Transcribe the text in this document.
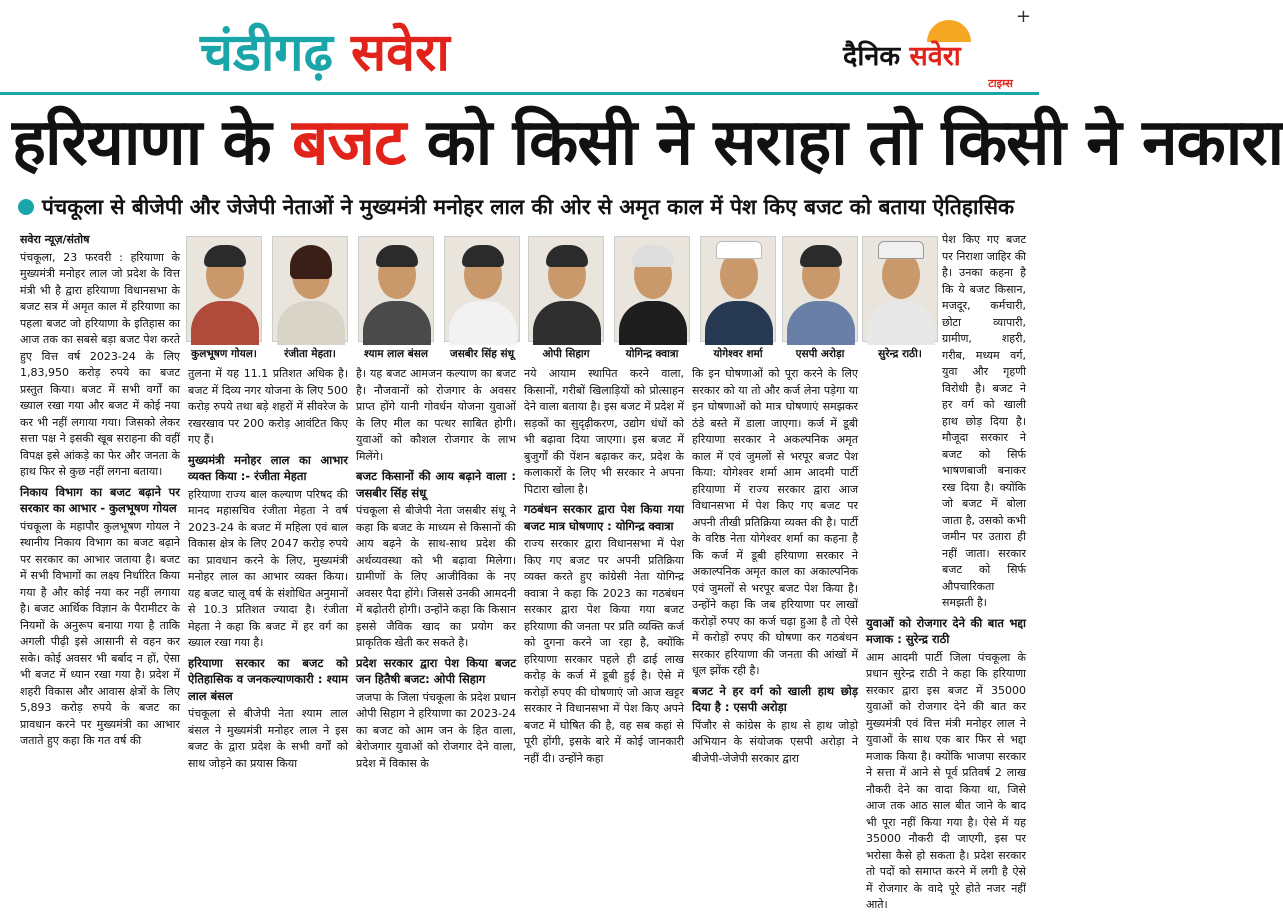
+
चंडीगढ़ सवेरा	दैनिक सवेरा
टाइम्स
हरियाणा के बजट को किसी ने सराहा तो किसी ने नकारा
पंचकूला से बीजेपी और जेजेपी नेताओं ने मुख्यमंत्री मनोहर लाल की ओर से अमृत काल में पेश किए बजट को बताया ऐतिहासिक
कुलभूषण गोयल।	रंजीता मेहता।	श्याम लाल बंसल	जसबीर सिंह संधू	ओपी सिहाग	योगिन्द्र क्वात्रा	योगेश्वर शर्मा	एसपी अरोड़ा	सुरेन्द्र राठी।

सवेरा न्यूज़/संतोष

पंचकूला, 23 फरवरी : हरियाणा के मुख्यमंत्री मनोहर लाल जो प्रदेश के वित्त मंत्री भी है द्वारा हरियाणा विधानसभा के बजट सत्र में अमृत काल में हरियाणा का पहला बजट जो हरियाणा के इतिहास का आज तक का सबसे बड़ा बजट पेश करते हुए वित्त वर्ष 2023-24 के लिए 1,83,950 करोड़ रुपये का बजट प्रस्तुत किया। बजट में सभी वर्गों का ख्याल रखा गया और बजट में कोई नया कर भी नहीं लगाया गया। जिसको लेकर सत्ता पक्ष ने इसकी खूब सराहना की वहीं विपक्ष इसे आंकड़े का फेर और जनता के हाथ फिर से कुछ नहीं लगना बताया।

निकाय विभाग का बजट बढ़ाने पर सरकार का आभार - कुलभूषण गोयल

पंचकूला के महापौर कुलभूषण गोयल ने स्थानीय निकाय विभाग का बजट बढ़ाने पर सरकार का आभार जताया है। बजट में सभी विभागों का लक्ष्य निर्धारित किया गया है और कोई नया कर नहीं लगाया है। बजट आर्थिक विज्ञान के पैरामीटर के नियमों के अनुरूप बनाया गया है ताकि अगली पीढ़ी इसे आसानी से वहन कर सके। कोई अवसर भी बर्बाद न हों, ऐसा भी बजट में ध्यान रखा गया है। प्रदेश में शहरी विकास और आवास क्षेत्रों के लिए 5,893 करोड़ रुपये के बजट का प्रावधान करने पर मुख्यमंत्री का आभार जताते हुए कहा कि गत वर्ष की

तुलना में यह 11.1 प्रतिशत अधिक है। बजट में दिव्य नगर योजना के लिए 500 करोड़ रुपये तथा बड़े शहरों में सीवरेज के रखरखाव पर 200 करोड़ आवंटित किए गए हैं।

मुख्यमंत्री मनोहर लाल का आभार व्यक्त किया :- रंजीता मेहता

हरियाणा राज्य बाल कल्याण परिषद की मानद महासचिव रंजीता मेहता ने वर्ष 2023-24 के बजट में महिला एवं बाल विकास क्षेत्र के लिए 2047 करोड़ रुपये का प्रावधान करने के लिए, मुख्यमंत्री मनोहर लाल का आभार व्यक्त किया। यह बजट चालू वर्ष के संशोधित अनुमानों से 10.3 प्रतिशत ज्यादा है। रंजीता मेहता ने कहा कि बजट में हर वर्ग का ख्याल रखा गया है।

हरियाणा सरकार का बजट को ऐतिहासिक व जनकल्याणकारी : श्याम लाल बंसल

पंचकूला से बीजेपी नेता श्याम लाल बंसल ने मुख्यमंत्री मनोहर लाल ने इस बजट के द्वारा प्रदेश के सभी वर्गों को साथ जोड़ने का प्रयास किया

है। यह बजट आमजन कल्याण का बजट है। नौजवानों को रोजगार के अवसर प्राप्त होंगे यानी गोवर्धन योजना युवाओं के लिए मील का पत्थर साबित होगी। युवाओं को कौशल रोजगार के लाभ मिलेंगे।

बजट किसानों की आय बढ़ाने वाला : जसबीर सिंह संधू

पंचकूला से बीजेपी नेता जसबीर संधू ने कहा कि बजट के माध्यम से किसानों की आय बढ़ने के साथ-साथ प्रदेश की अर्थव्यवस्था को भी बढ़ावा मिलेगा। ग्रामीणों के लिए आजीविका के नए अवसर पैदा होंगे। जिससे उनकी आमदनी में बढ़ोतरी होगी। उन्होंने कहा कि किसान इससे जैविक खाद का प्रयोग कर प्राकृतिक खेती कर सकते है।

प्रदेश सरकार द्वारा पेश किया बजट जन हितैषी बजट: ओपी सिहाग

जजपा के जिला पंचकूला के प्रदेश प्रधान ओपी सिहाग ने हरियाणा का 2023-24 का बजट को आम जन के हित वाला, बेरोजगार युवाओं को रोजगार देने वाला, प्रदेश में विकास के

नये आयाम स्थापित करने वाला, किसानों, गरीबों खिलाड़ियों को प्रोत्साहन देने वाला बताया है। इस बजट में प्रदेश में सड़कों का सुदृढ़ीकरण, उद्योग धंधों को भी बढ़ावा दिया जाएगा। इस बजट में बुजुर्गों की पेंशन बढ़ाकर कर, प्रदेश के कलाकारों के लिए भी सरकार ने अपना पिटारा खोला है।

गठबंधन सरकार द्वारा पेश किया गया बजट मात्र घोषणाए : योगिन्द्र क्वात्रा

राज्य सरकार द्वारा विधानसभा में पेश किए गए बजट पर अपनी प्रतिक्रिया व्यक्त करते हुए कांग्रेसी नेता योगिन्द्र क्वात्रा ने कहा कि 2023 का गठबंधन सरकार द्वारा पेश किया गया बजट हरियाणा की जनता पर प्रति व्यक्ति कर्ज को दुगना करने जा रहा है, क्योंकि हरियाणा सरकार पहले ही ढाई लाख करोड़ के कर्ज में डूबी हुई है। ऐसे में करोड़ों रुपए की घोषणाएं जो आज खट्टर सरकार ने विधानसभा में पेश किए अपने बजट में घोषित की है, वह सब कहां से पूरी होंगी, इसके बारे में कोई जानकारी नहीं दी। उन्होंने कहा

कि इन घोषणाओं को पूरा करने के लिए सरकार को या तो और कर्ज लेना पड़ेगा या इन घोषणाओं को मात्र घोषणाएं समझकर ठंडे बस्ते में डाला जाएगा। कर्ज में डूबी हरियाणा सरकार ने अकल्पनिक अमृत काल में एवं जुमलों से भरपूर बजट पेश किया: योगेश्वर शर्मा आम आदमी पार्टी हरियाणा में राज्य सरकार द्वारा आज विधानसभा में पेश किए गए बजट पर अपनी तीखी प्रतिक्रिया व्यक्त की है। पार्टी के वरिष्ठ नेता योगेश्वर शर्मा का कहना है कि कर्ज में डूबी हरियाणा सरकार ने अकाल्पनिक अमृत काल का अकाल्पनिक एवं जुमलों से भरपूर बजट पेश किया है। उन्होंने कहा कि जब हरियाणा पर लाखों करोड़ों रुपए का कर्ज चढ़ा हुआ है तो ऐसे में करोड़ों रुपए की घोषणा कर गठबंधन सरकार हरियाणा की जनता की आंखों में धूल झोंक रही है।

बजट ने हर वर्ग को खाली हाथ छोड़ दिया है : एसपी अरोड़ा

पिंजौर से कांग्रेस के हाथ से हाथ जोड़ो अभियान के संयोजक एसपी अरोड़ा ने बीजेपी-जेजेपी सरकार द्वारा

पेश किए गए बजट पर निराशा जाहिर की है। उनका कहना है कि ये बजट किसान, मजदूर, कर्मचारी, छोटा व्यापारी, ग्रामीण, शहरी, गरीब, मध्यम वर्ग, युवा और गृहणी विरोधी है। बजट ने हर वर्ग को खाली हाथ छोड़ दिया है। मौजूदा सरकार ने बजट को सिर्फ भाषणबाजी बनाकर रख दिया है। क्योंकि जो बजट में बोला जाता है, उसको कभी जमीन पर उतारा ही नहीं जाता। सरकार बजट को सिर्फ औपचारिकता समझती है।

युवाओं को रोजगार देने की बात भद्दा मजाक : सुरेन्द्र राठी

आम आदमी पार्टी जिला पंचकूला के प्रधान सुरेन्द्र राठी ने कहा कि हरियाणा सरकार द्वारा इस बजट में 35000 युवाओं को रोजगार देने की बात कर मुख्यमंत्री एवं वित्त मंत्री मनोहर लाल ने युवाओं के साथ एक बार फिर से भद्दा मजाक किया है। क्योंकि भाजपा सरकार ने सत्ता में आने से पूर्व प्रतिवर्ष 2 लाख नौकरी देने का वादा किया था, जिसे आज तक आठ साल बीत जाने के बाद भी पूरा नहीं किया गया है। ऐसे में यह 35000 नौकरी दी जाएगी, इस पर भरोसा कैसे हो सकता है। प्रदेश सरकार तो पदों को समाप्त करने में लगी है ऐसे में रोजगार के वादे पूरे होते नजर नहीं आते।
